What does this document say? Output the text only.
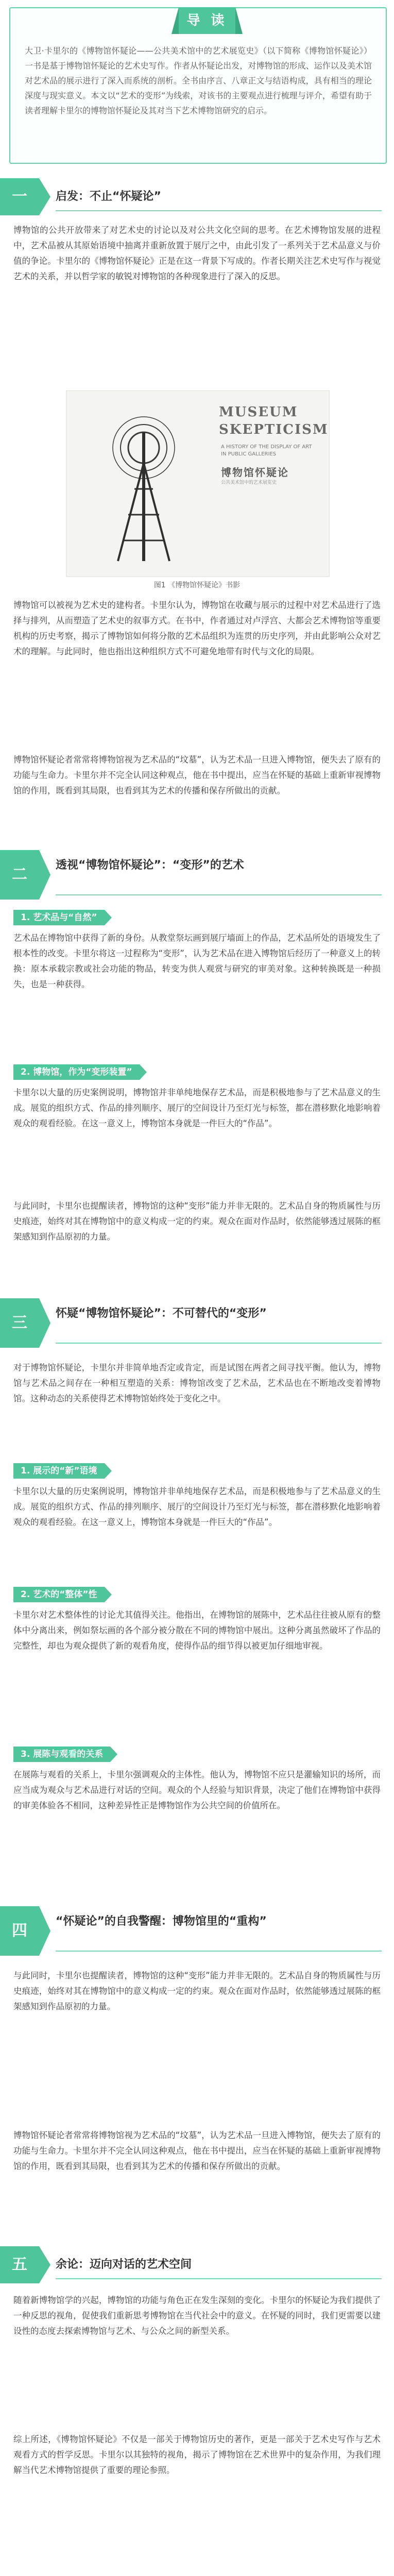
导 读
大卫·卡里尔的《博物馆怀疑论——公共美术馆中的艺术展览史》（以下简称《博物馆怀疑论》）一书是基于博物馆怀疑论的艺术史写作。作者从怀疑论出发，对博物馆的形成、运作以及美术馆对艺术品的展示进行了深入而系统的剖析。全书由序言、八章正文与结语构成，具有相当的理论深度与现实意义。本文以“艺术的变形”为线索，对该书的主要观点进行梳理与评介，希望有助于读者理解卡里尔的博物馆怀疑论及其对当下艺术博物馆研究的启示。
一	启发：不止“怀疑论”
博物馆的公共开放带来了对艺术史的讨论以及对公共文化空间的思考。在艺术博物馆发展的进程中，艺术品被从其原始语境中抽离并重新放置于展厅之中，由此引发了一系列关于艺术品意义与价值的争论。卡里尔的《博物馆怀疑论》正是在这一背景下写成的。作者长期关注艺术史写作与视觉艺术的关系，并以哲学家的敏锐对博物馆的各种现象进行了深入的反思。
MUSEUM SKEPTICISM
A HISTORY OF THE DISPLAY OF ART IN PUBLIC GALLERIES
博物馆怀疑论
公共美术馆中的艺术展览史
图1 《博物馆怀疑论》书影
博物馆可以被视为艺术史的建构者。卡里尔认为，博物馆在收藏与展示的过程中对艺术品进行了选择与排列，从而塑造了艺术史的叙事方式。在书中，作者通过对卢浮宫、大都会艺术博物馆等重要机构的历史考察，揭示了博物馆如何将分散的艺术品组织为连贯的历史序列，并由此影响公众对艺术的理解。与此同时，他也指出这种组织方式不可避免地带有时代与文化的局限。
博物馆怀疑论者常常将博物馆视为艺术品的“坟墓”，认为艺术品一旦进入博物馆，便失去了原有的功能与生命力。卡里尔并不完全认同这种观点，他在书中提出，应当在怀疑的基础上重新审视博物馆的作用，既看到其局限，也看到其为艺术的传播和保存所做出的贡献。
二
透视“博物馆怀疑论”：“变形”的艺术
1. 艺术品与“自然”
艺术品在博物馆中获得了新的身份。从教堂祭坛画到展厅墙面上的作品，艺术品所处的语境发生了根本性的改变。卡里尔将这一过程称为“变形”，认为艺术品在进入博物馆后经历了一种意义上的转换：原本承载宗教或社会功能的物品，转变为供人观赏与研究的审美对象。这种转换既是一种损失，也是一种获得。
2. 博物馆，作为“变形装置”
卡里尔以大量的历史案例说明，博物馆并非单纯地保存艺术品，而是积极地参与了艺术品意义的生成。展览的组织方式、作品的排列顺序、展厅的空间设计乃至灯光与标签，都在潜移默化地影响着观众的观看经验。在这一意义上，博物馆本身就是一件巨大的“作品”。
与此同时，卡里尔也提醒读者，博物馆的这种“变形”能力并非无限的。艺术品自身的物质属性与历史痕迹，始终对其在博物馆中的意义构成一定的约束。观众在面对作品时，依然能够透过展陈的框架感知到作品原初的力量。
三
怀疑“博物馆怀疑论”：不可替代的“变形”
对于博物馆怀疑论，卡里尔并非简单地否定或肯定，而是试图在两者之间寻找平衡。他认为，博物馆与艺术品之间存在一种相互塑造的关系：博物馆改变了艺术品，艺术品也在不断地改变着博物馆。这种动态的关系使得艺术博物馆始终处于变化之中。
1. 展示的“新”语境
卡里尔以大量的历史案例说明，博物馆并非单纯地保存艺术品，而是积极地参与了艺术品意义的生成。展览的组织方式、作品的排列顺序、展厅的空间设计乃至灯光与标签，都在潜移默化地影响着观众的观看经验。在这一意义上，博物馆本身就是一件巨大的“作品”。
2. 艺术的“整体”性
卡里尔对艺术整体性的讨论尤其值得关注。他指出，在博物馆的展陈中，艺术品往往被从原有的整体中分离出来，例如祭坛画的各个部分被分散在不同的博物馆中展出。这种分离虽然破坏了作品的完整性，却也为观众提供了新的观看角度，使得作品的细节得以被更加仔细地审视。
3. 展陈与观看的关系
在展陈与观看的关系上，卡里尔强调观众的主体性。他认为，博物馆不应只是灌输知识的场所，而应当成为观众与艺术品进行对话的空间。观众的个人经验与知识背景，决定了他们在博物馆中获得的审美体验各不相同，这种差异性正是博物馆作为公共空间的价值所在。
四
“怀疑论”的自我警醒：博物馆里的“重构”
与此同时，卡里尔也提醒读者，博物馆的这种“变形”能力并非无限的。艺术品自身的物质属性与历史痕迹，始终对其在博物馆中的意义构成一定的约束。观众在面对作品时，依然能够透过展陈的框架感知到作品原初的力量。
博物馆怀疑论者常常将博物馆视为艺术品的“坟墓”，认为艺术品一旦进入博物馆，便失去了原有的功能与生命力。卡里尔并不完全认同这种观点，他在书中提出，应当在怀疑的基础上重新审视博物馆的作用，既看到其局限，也看到其为艺术的传播和保存所做出的贡献。
五	余论：迈向对话的艺术空间
随着新博物馆学的兴起，博物馆的功能与角色正在发生深刻的变化。卡里尔的怀疑论为我们提供了一种反思的视角，促使我们重新思考博物馆在当代社会中的意义。在怀疑的同时，我们更需要以建设性的态度去探索博物馆与艺术、与公众之间的新型关系。
综上所述，《博物馆怀疑论》不仅是一部关于博物馆历史的著作，更是一部关于艺术史写作与艺术观看方式的哲学反思。卡里尔以其独特的视角，揭示了博物馆在艺术世界中的复杂作用，为我们理解当代艺术博物馆提供了重要的理论参照。
